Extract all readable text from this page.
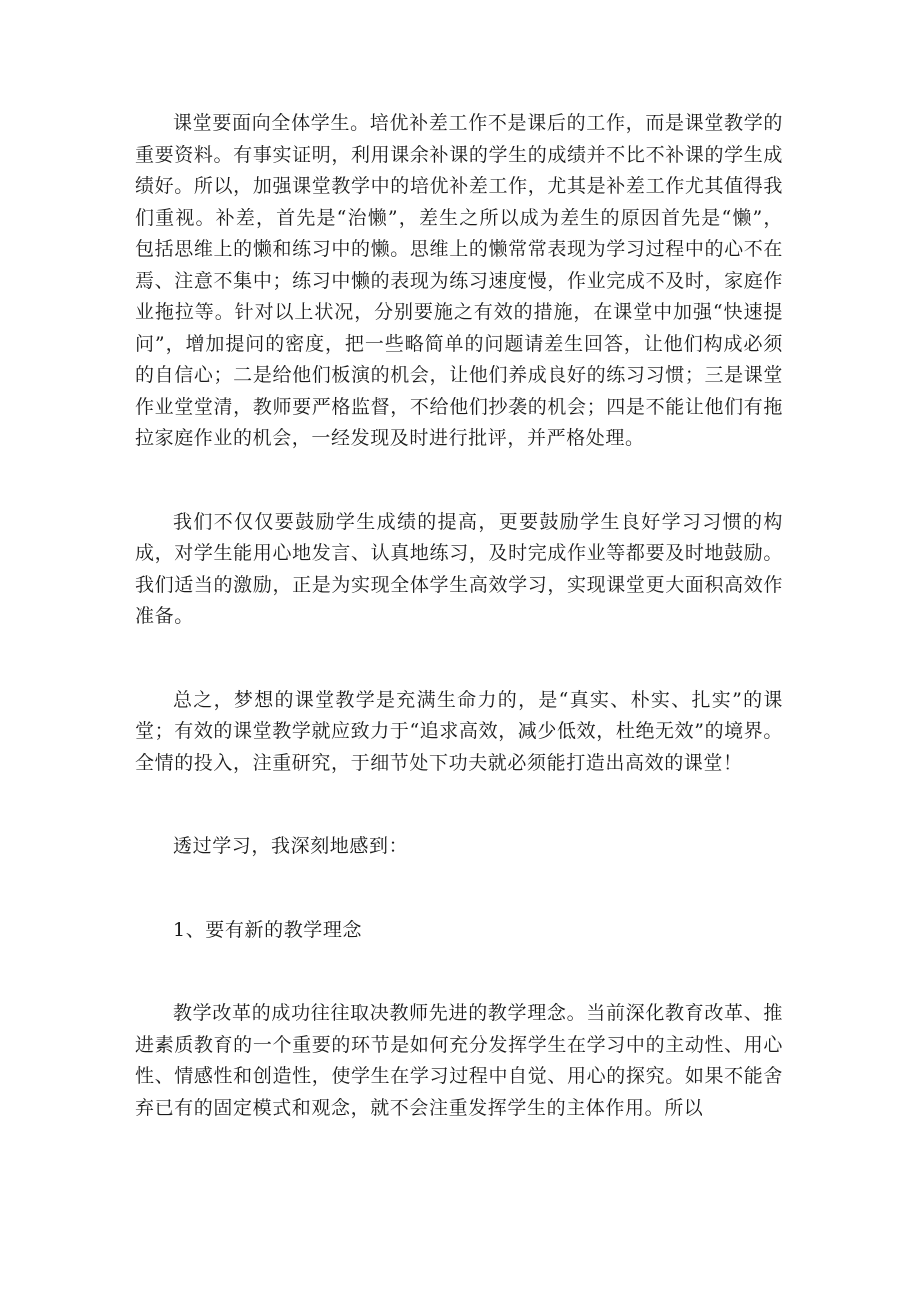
课堂要面向全体学生。培优补差工作不是课后的工作，而是课堂教学的重要资料。有事实证明，利用课余补课的学生的成绩并不比不补课的学生成绩好。所以，加强课堂教学中的培优补差工作，尤其是补差工作尤其值得我们重视。补差，首先是“治懒”，差生之所以成为差生的原因首先是“懒”，包括思维上的懒和练习中的懒。思维上的懒常常表现为学习过程中的心不在焉、注意不集中；练习中懒的表现为练习速度慢，作业完成不及时，家庭作业拖拉等。针对以上状况，分别要施之有效的措施，在课堂中加强“快速提问”，增加提问的密度，把一些略简单的问题请差生回答，让他们构成必须的自信心；二是给他们板演的机会，让他们养成良好的练习习惯；三是课堂作业堂堂清，教师要严格监督，不给他们抄袭的机会；四是不能让他们有拖拉家庭作业的机会，一经发现及时进行批评，并严格处理。

我们不仅仅要鼓励学生成绩的提高，更要鼓励学生良好学习习惯的构成，对学生能用心地发言、认真地练习，及时完成作业等都要及时地鼓励。我们适当的激励，正是为实现全体学生高效学习，实现课堂更大面积高效作准备。

总之，梦想的课堂教学是充满生命力的，是“真实、朴实、扎实”的课堂；有效的课堂教学就应致力于“追求高效，减少低效，杜绝无效”的境界。全情的投入，注重研究，于细节处下功夫就必须能打造出高效的课堂！

透过学习，我深刻地感到：

1、要有新的教学理念

教学改革的成功往往取决教师先进的教学理念。当前深化教育改革、推进素质教育的一个重要的环节是如何充分发挥学生在学习中的主动性、用心性、情感性和创造性，使学生在学习过程中自觉、用心的探究。如果不能舍弃已有的固定模式和观念，就不会注重发挥学生的主体作用。所以
